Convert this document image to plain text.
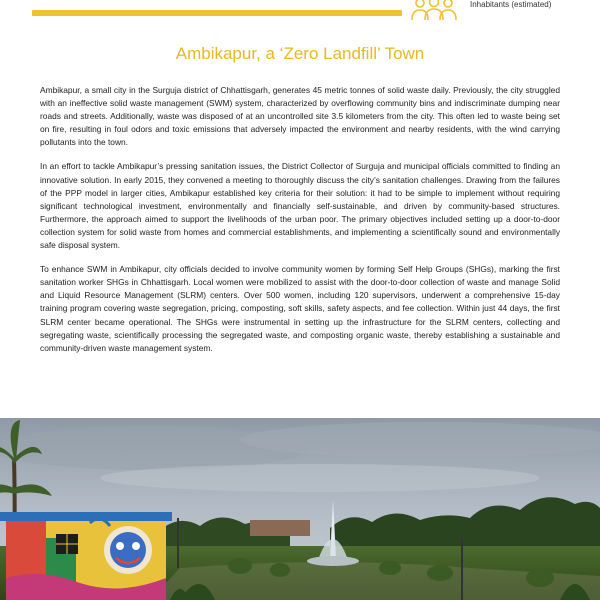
Inhabitants (estimated)
Ambikapur, a ‘Zero Landfill’ Town

Ambikapur, a small city in the Surguja district of Chhattisgarh, generates 45 metric tonnes of solid waste daily. Previously, the city struggled with an ineffective solid waste management (SWM) system, characterized by overflowing community bins and indiscriminate dumping near roads and streets. Additionally, waste was disposed of at an uncontrolled site 3.5 kilometers from the city. This often led to waste being set on fire, resulting in foul odors and toxic emissions that adversely impacted the environment and nearby residents, with the wind carrying pollutants into the town.

In an effort to tackle Ambikapur’s pressing sanitation issues, the District Collector of Surguja and municipal officials committed to finding an innovative solution. In early 2015, they convened a meeting to thoroughly discuss the city’s sanitation challenges. Drawing from the failures of the PPP model in larger cities, Ambikapur established key criteria for their solution: it had to be simple to implement without requiring significant technological investment, environmentally and financially self-sustainable, and driven by community-based structures. Furthermore, the approach aimed to support the livelihoods of the urban poor. The primary objectives included setting up a door-to-door collection system for solid waste from homes and commercial establishments, and implementing a scientifically sound and environmentally safe disposal system.

To enhance SWM in Ambikapur, city officials decided to involve community women by forming Self Help Groups (SHGs), marking the first sanitation worker SHGs in Chhattisgarh. Local women were mobilized to assist with the door-to-door collection of waste and manage Solid and Liquid Resource Management (SLRM) centers. Over 500 women, including 120 supervisors, underwent a comprehensive 15-day training program covering waste segregation, pricing, composting, soft skills, safety aspects, and fee collection. Within just 44 days, the first SLRM center became operational. The SHGs were instrumental in setting up the infrastructure for the SLRM centers, collecting and segregating waste, scientifically processing the segregated waste, and composting organic waste, thereby establishing a sustainable and community-driven waste management system.
